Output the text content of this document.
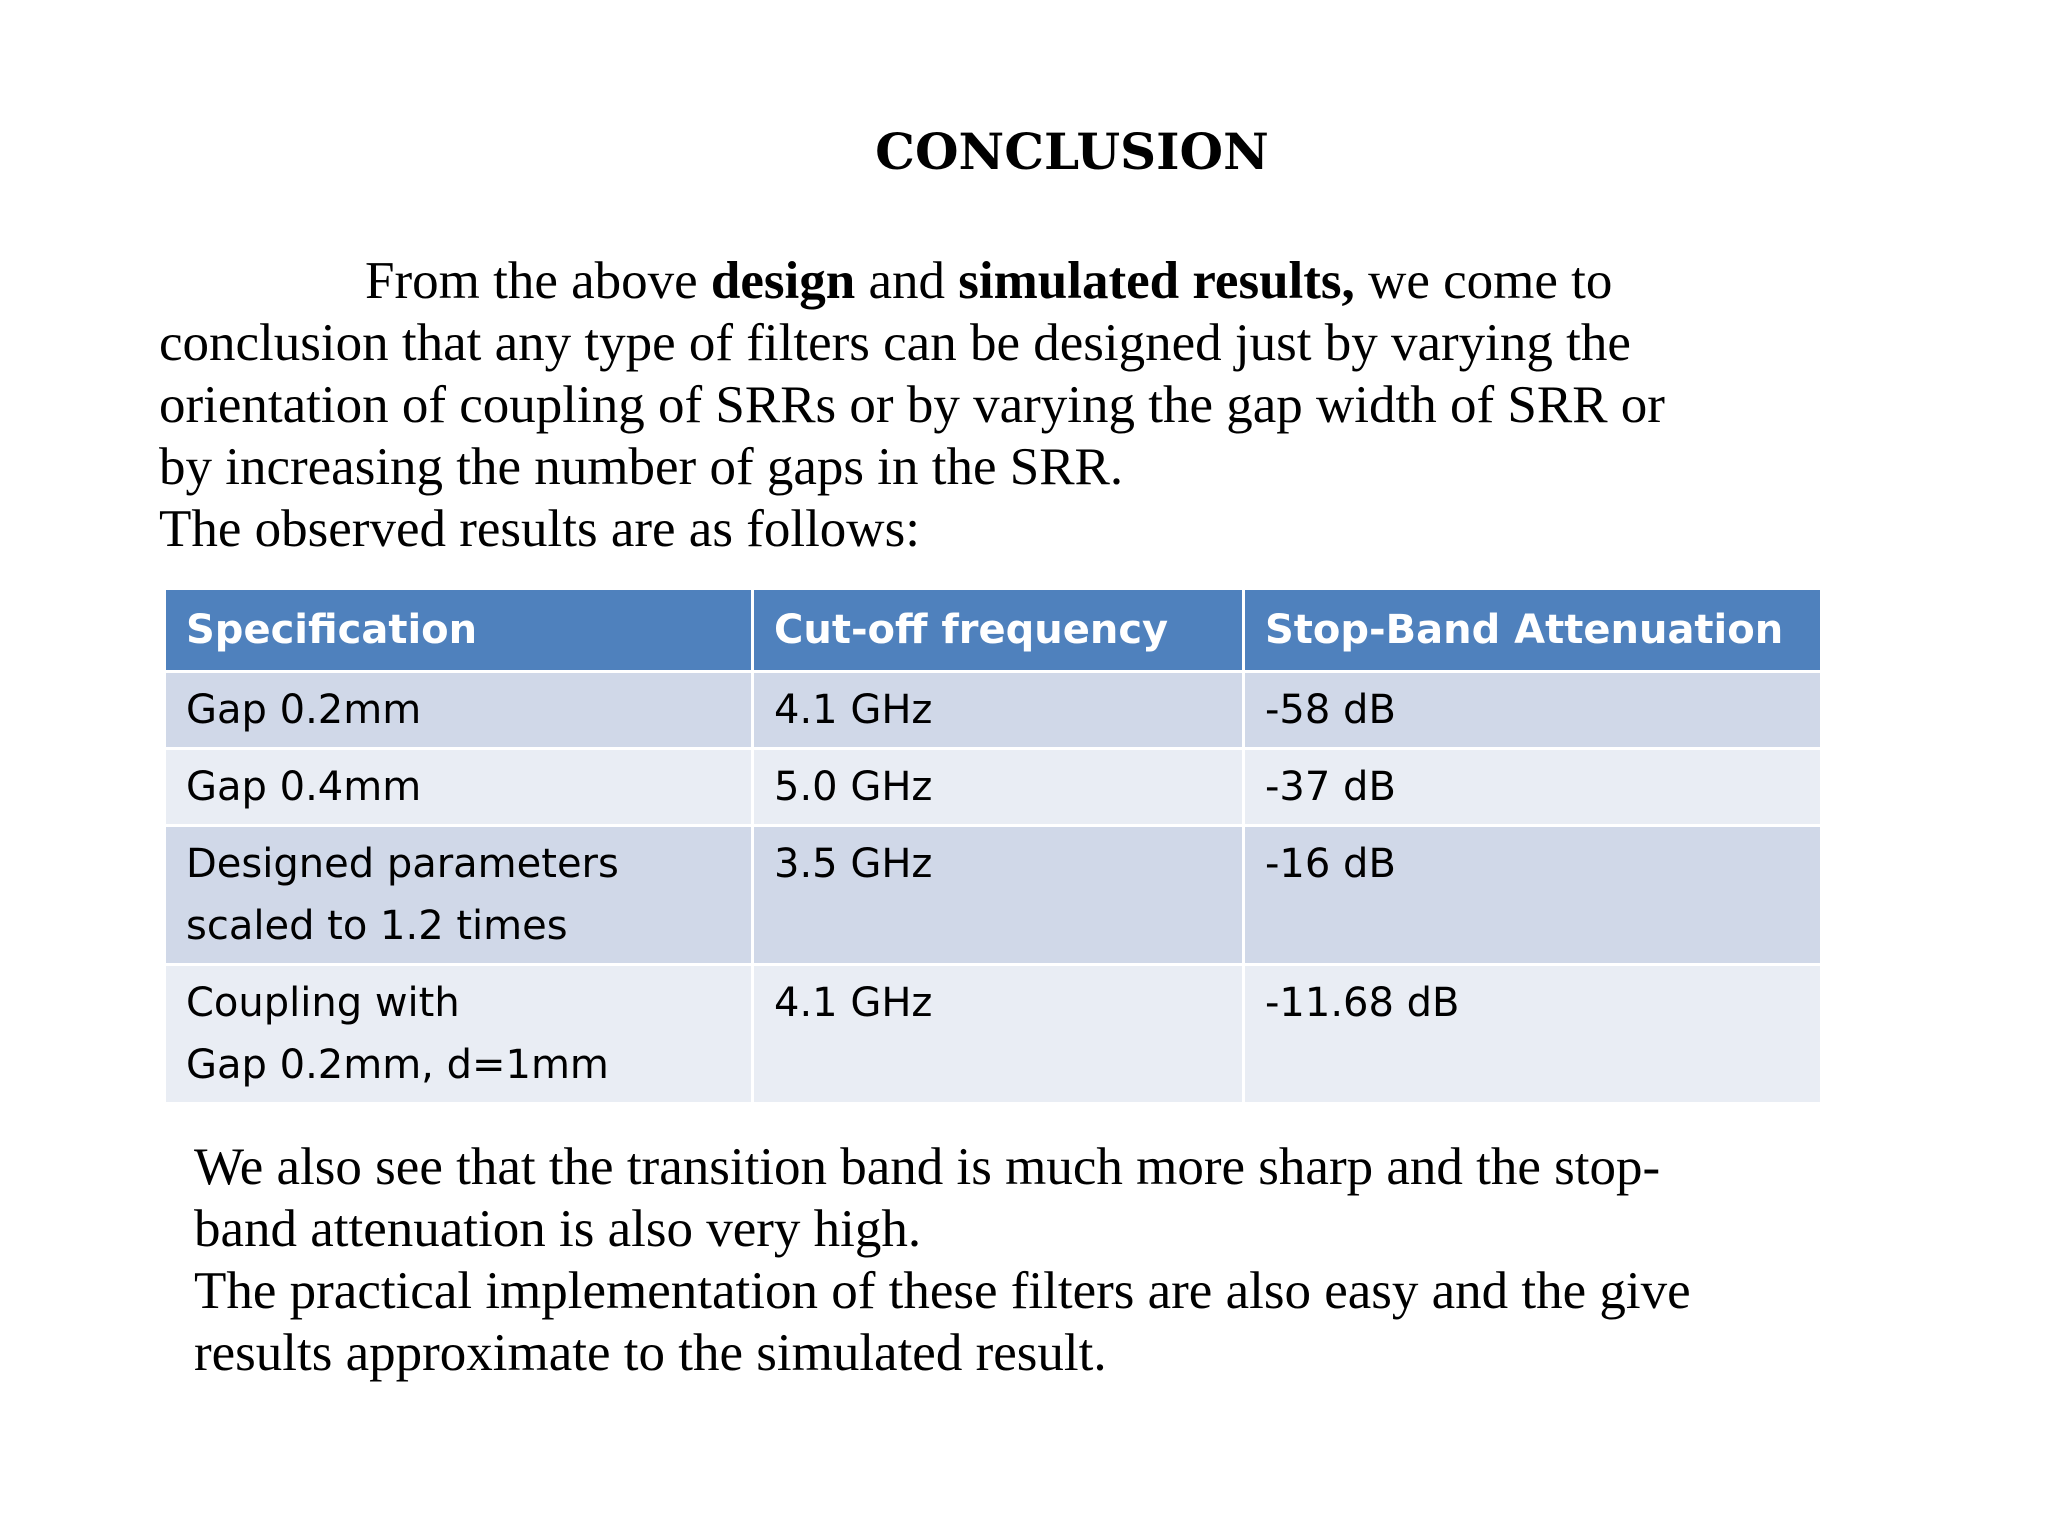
CONCLUSION
From the above design and simulated results, we come to
conclusion that any type of filters can be designed just by varying the
orientation of coupling of SRRs or by varying the gap width of SRR or
by increasing the number of gaps in the SRR.
The observed results are as follows:
Specification	Cut-off frequency	Stop-Band Attenuation

Gap 0.2mm	4.1 GHz	-58 dB

Gap 0.4mm	5.0 GHz	-37 dB

Designed parameters
scaled to 1.2 times	3.5 GHz	-16 dB

Coupling with
Gap 0.2mm, d=1mm	4.1 GHz	-11.68 dB
We also see that the transition band is much more sharp and the stop-
band attenuation is also very high.
The practical implementation of these filters are also easy and the give
results approximate to the simulated result.
